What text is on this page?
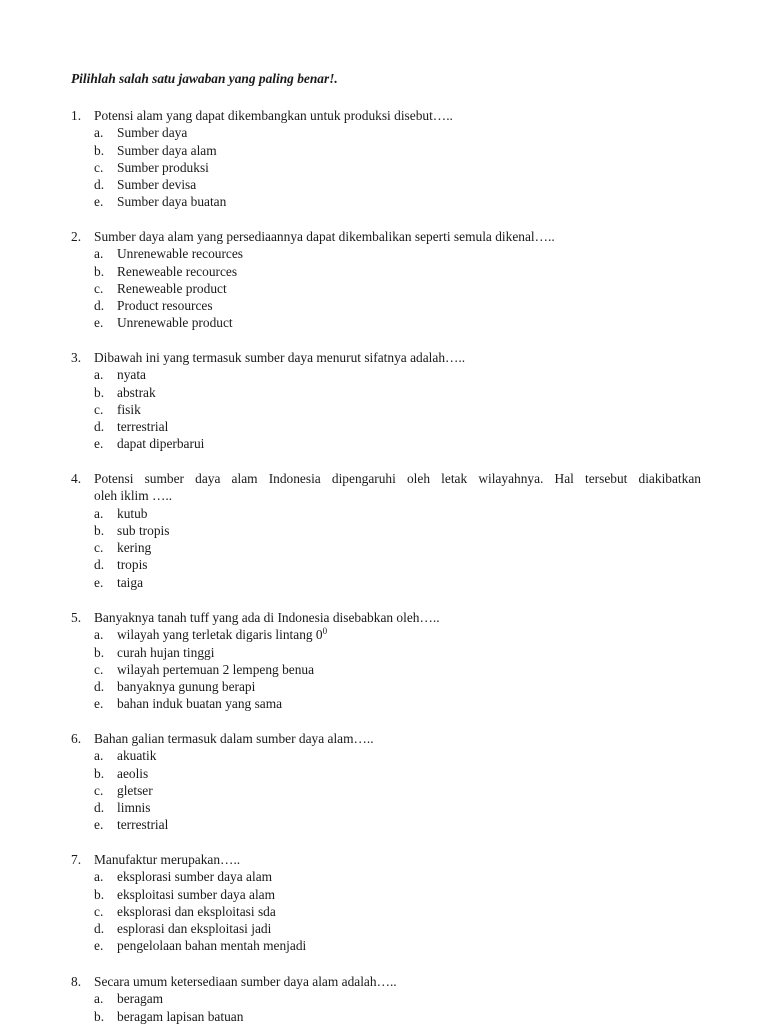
Pilihlah salah satu jawaban yang paling benar!.
1. Potensi alam yang dapat dikembangkan untuk produksi disebut…..
a.	Sumber daya
b. Sumber daya alam
c.	Sumber produksi
d. Sumber devisa
e.	Sumber daya buatan
2. Sumber daya alam yang persediaannya dapat dikembalikan seperti semula dikenal…..
a.	Unrenewable recources
b. Reneweable recources
c.	Reneweable product
d. Product resources
e.	Unrenewable product
3. Dibawah ini yang termasuk sumber daya menurut sifatnya adalah…..
a.	nyata
b. abstrak
c.	fisik
d. terrestrial
e.	dapat diperbarui
4. Potensi sumber daya alam Indonesia dipengaruhi oleh letak wilayahnya. Hal tersebut diakibatkan
oleh iklim …..
a.	kutub
b. sub tropis
c.	kering
d. tropis
e.	taiga
5. Banyaknya tanah tuff yang ada di Indonesia disebabkan oleh…..
a.	wilayah yang terletak digaris lintang $0^0$
b. curah hujan tinggi
c.	wilayah pertemuan 2 lempeng benua
d. banyaknya gunung berapi
e.	bahan induk buatan yang sama
6. Bahan galian termasuk dalam sumber daya alam…..
a.	akuatik
b. aeolis
c.	gletser
d. limnis
e.	terrestrial
7. Manufaktur merupakan…..
a.	eksplorasi sumber daya alam
b. eksploitasi sumber daya alam
c.	eksplorasi dan eksploitasi sda
d. esplorasi dan eksploitasi jadi
e.	pengelolaan bahan mentah menjadi
8. Secara umum ketersediaan sumber daya alam adalah…..
a.	beragam
b. beragam lapisan batuan
